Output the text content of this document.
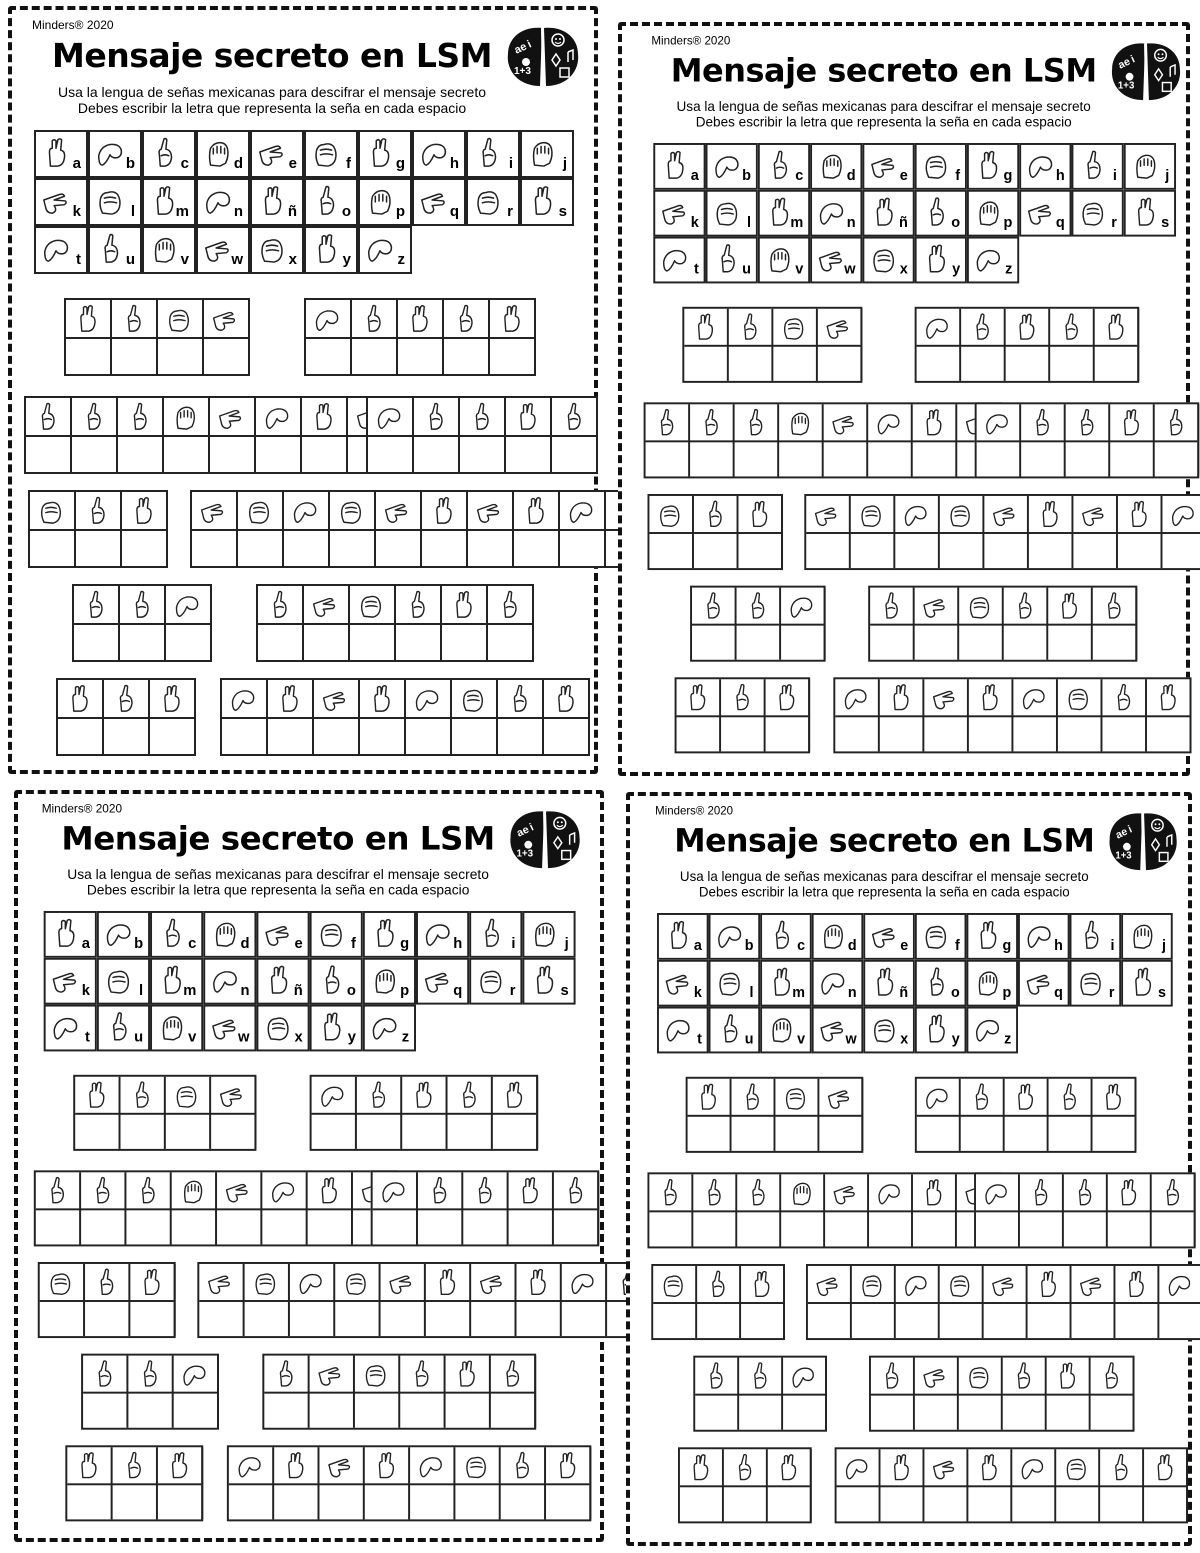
Minders® 2020
Mensaje secreto en LSM
Usa la lengua de señas mexicanas para descifrar el mensaje secreto
Debes escribir la letra que representa la seña en cada espacio
ae i
1+3
a	b	c	d	e	f	g	h	i	j
k	l	m	n	ñ	o	p	q	r	s
t	u	v	w	x	y	z
Minders® 2020
Mensaje secreto en LSM
Usa la lengua de señas mexicanas para descifrar el mensaje secreto
Debes escribir la letra que representa la seña en cada espacio
ae i
1+3
a	b	c	d	e	f	g	h	i	j
k	l	m	n	ñ	o	p	q	r	s
t	u	v	w	x	y	z
Minders® 2020
Mensaje secreto en LSM
Usa la lengua de señas mexicanas para descifrar el mensaje secreto
Debes escribir la letra que representa la seña en cada espacio
ae i
1+3
a	b	c	d	e	f	g	h	i	j
k	l	m	n	ñ	o	p	q	r	s
t	u	v	w	x	y	z
Minders® 2020
Mensaje secreto en LSM
Usa la lengua de señas mexicanas para descifrar el mensaje secreto
Debes escribir la letra que representa la seña en cada espacio
ae i
1+3
a	b	c	d	e	f	g	h	i	j
k	l	m	n	ñ	o	p	q	r	s
t	u	v	w	x	y	z
